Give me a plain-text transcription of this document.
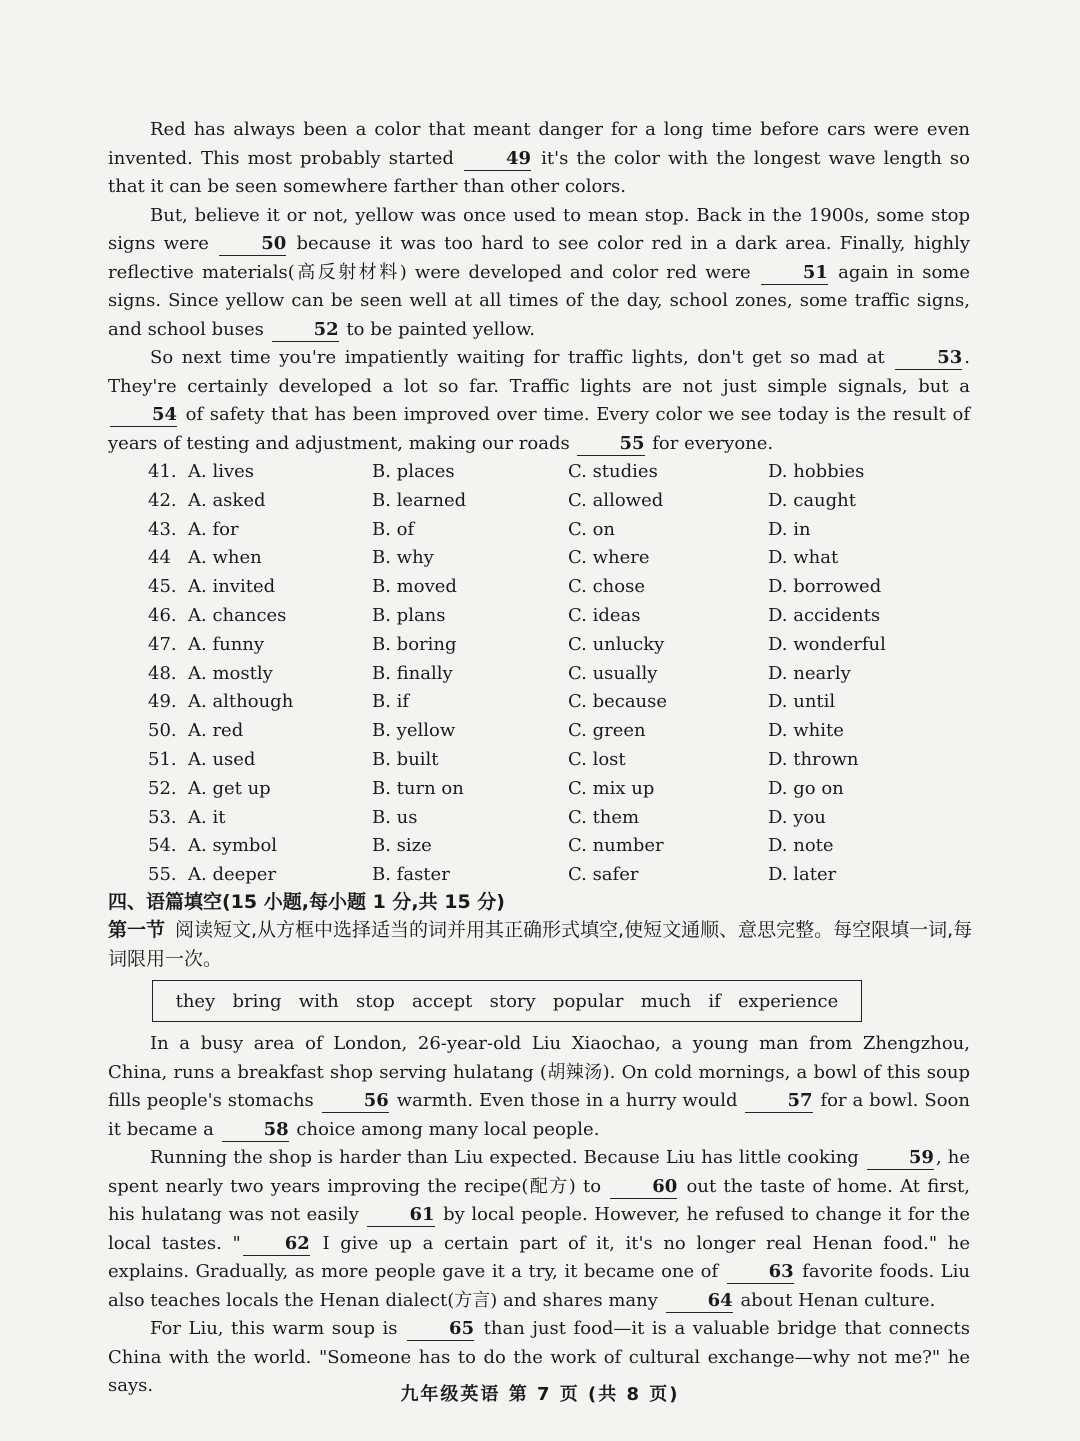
Red has always been a color that meant danger for a long time before cars were even invented. This most probably started	49 it's the color with the longest wave length so that it can be seen somewhere farther than other colors.

But, believe it or not, yellow was once used to mean stop. Back in the 1900s, some stop signs were	50 because it was too hard to see color red in a dark area. Finally, highly reflective materials(高反射材料) were developed and color red were	51 again in some signs. Since yellow can be seen well at all times of the day, school zones, some traffic signs, and school buses	52 to be painted yellow.

So next time you're impatiently waiting for traffic lights, don't get so mad at	53 . They're certainly developed a lot so far. Traffic lights are not just simple signals, but a 54 of safety that has been improved over time. Every color we see today is the result of years of testing and adjustment, making our roads	55 for everyone.

41. A. lives	B. places	C. studies	D. hobbies
42. A. asked	B. learned	C. allowed	D. caught
43. A. for	B. of	C. on	D. in
44 A. when	B. why	C. where	D. what
45. A. invited	B. moved	C. chose	D. borrowed
46. A. chances	B. plans	C. ideas	D. accidents
47. A. funny	B. boring	C. unlucky	D. wonderful
48. A. mostly	B. finally	C. usually	D. nearly
49. A. although	B. if	C. because	D. until
50. A. red	B. yellow	C. green	D. white
51. A. used	B. built	C. lost	D. thrown
52. A. get up	B. turn on	C. mix up	D. go on
53. A. it	B. us	C. them	D. you
54. A. symbol	B. size	C. number	D. note
55. A. deeper	B. faster	C. safer	D. later
四、语篇填空(15 小题,每小题 1 分,共 15 分)
第一节 阅读短文,从方框中选择适当的词并用其正确形式填空,使短文通顺、意思完整。每空限填一词,每词限用一次。
they bring with stop accept story popular much if experience

In a busy area of London, 26-year-old Liu Xiaochao, a young man from Zhengzhou, China, runs a breakfast shop serving hulatang (胡辣汤). On cold mornings, a bowl of this soup fills people's stomachs	56 warmth. Even those in a hurry would	57 for a bowl. Soon it became a	58 choice among many local people.

Running the shop is harder than Liu expected. Because Liu has little cooking	59 , he spent nearly two years improving the recipe(配方) to	60 out the taste of home. At first, his hulatang was not easily	61 by local people. However, he refused to change it for the local tastes. " 62 I give up a certain part of it, it's no longer real Henan food." he explains. Gradually, as more people gave it a try, it became one of	63 favorite foods. Liu also teaches locals the Henan dialect(方言) and shares many	64 about Henan culture.

For Liu, this warm soup is	65 than just food—it is a valuable bridge that connects China with the world. "Someone has to do the work of cultural exchange—why not me?" he says.	九年级英语 第 7 页 (共 8 页)
